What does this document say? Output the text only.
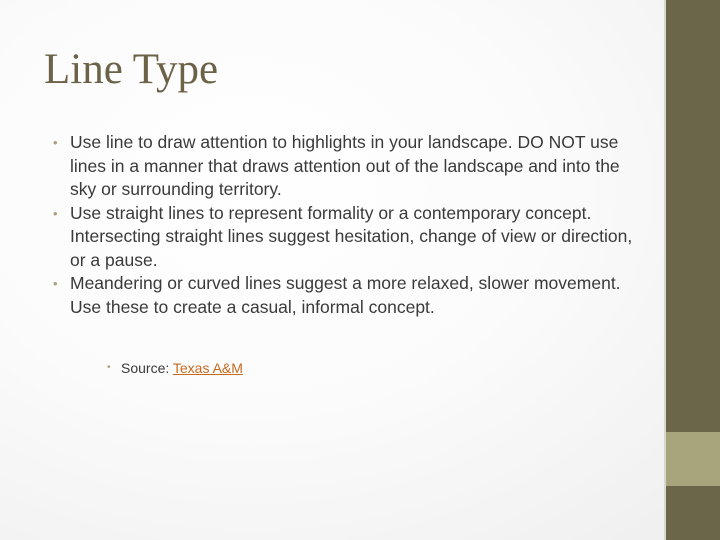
Line Type
• Use line to draw attention to highlights in your landscape. DO NOT use lines in a manner that draws attention out of the landscape and into the sky or surrounding territory.
• Use straight lines to represent formality or a contemporary concept. Intersecting straight lines suggest hesitation, change of view or direction, or a pause.
• Meandering or curved lines suggest a more relaxed, slower movement. Use these to create a casual, informal concept.

• Source: Texas A&M
